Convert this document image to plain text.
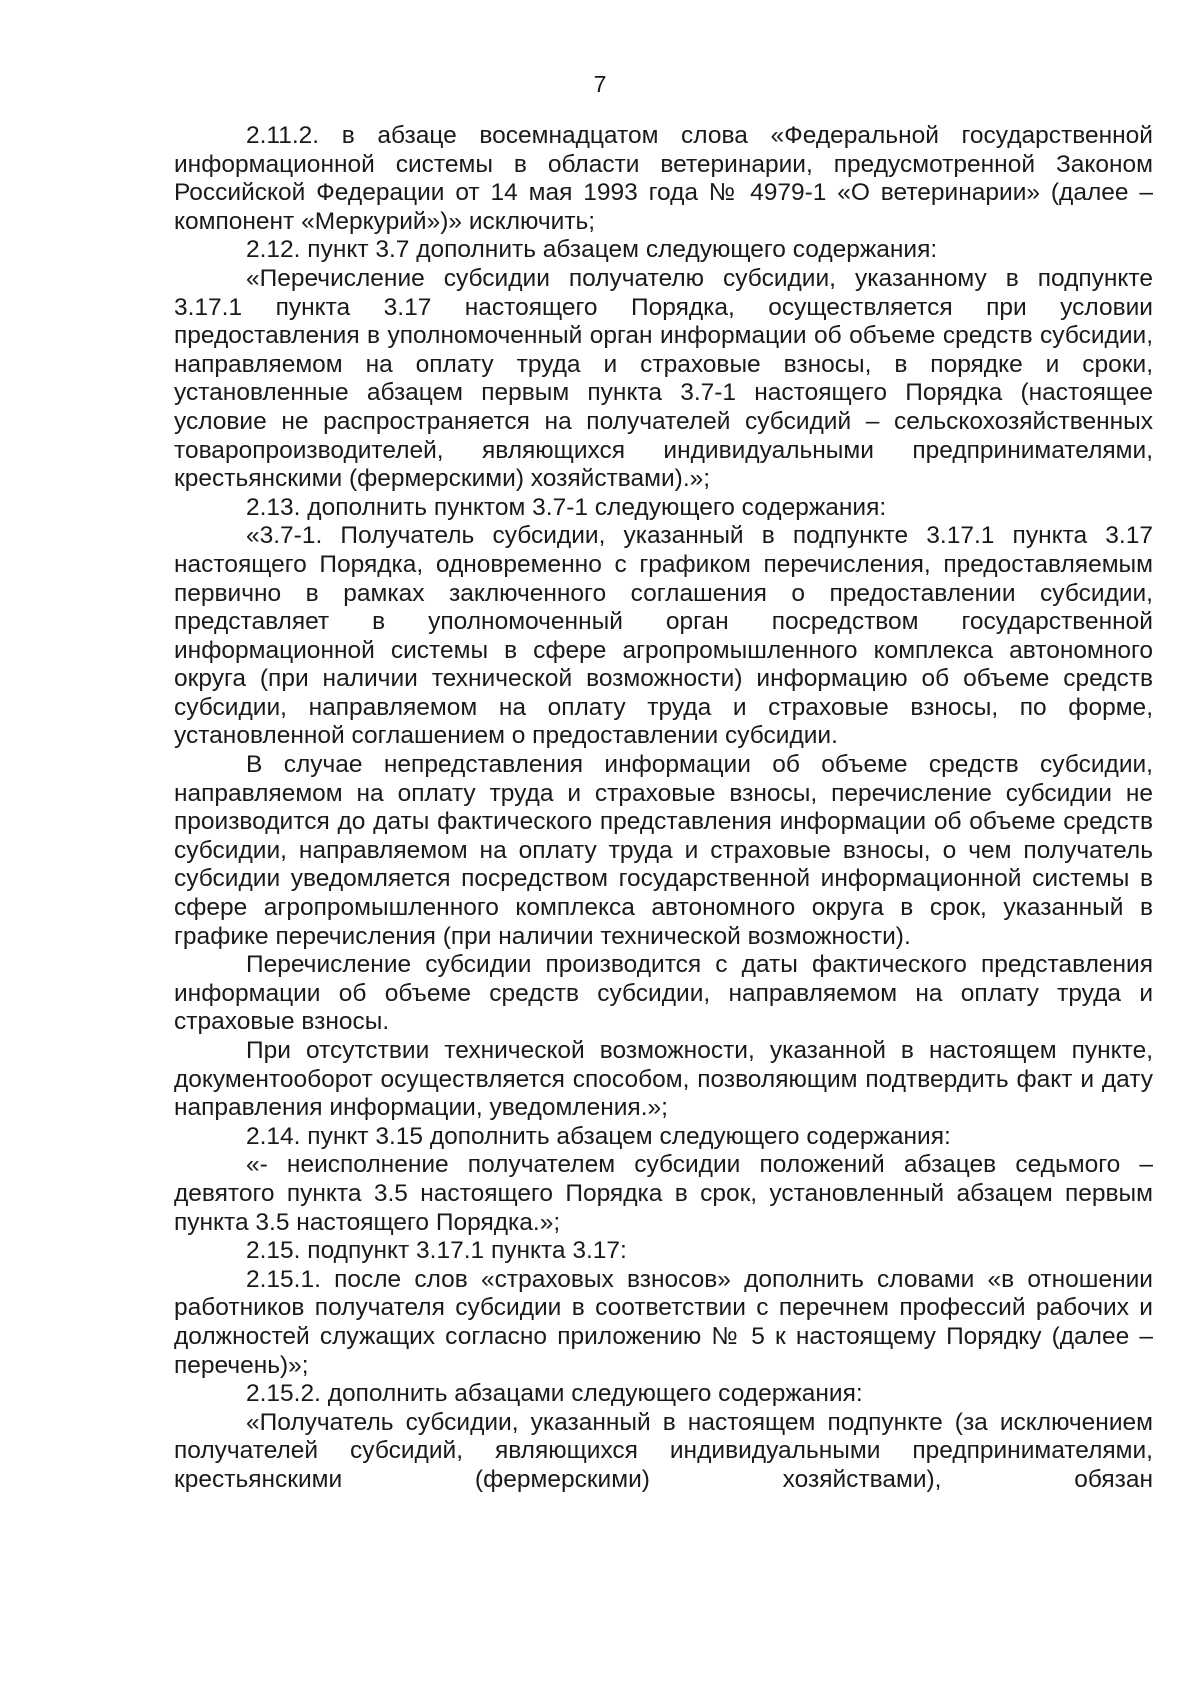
7

2.11.2. в абзаце восемнадцатом слова «Федеральной государственной информационной системы в области ветеринарии, предусмотренной Законом Российской Федерации от 14 мая 1993 года № 4979-1 «О ветеринарии» (далее – компонент «Меркурий»)» исключить;

2.12. пункт 3.7 дополнить абзацем следующего содержания:

«Перечисление субсидии получателю субсидии, указанному в подпункте 3.17.1 пункта 3.17 настоящего Порядка, осуществляется при условии предоставления в уполномоченный орган информации об объеме средств субсидии, направляемом на оплату труда и страховые взносы, в порядке и сроки, установленные абзацем первым пункта 3.7-1 настоящего Порядка (настоящее условие не распространяется на получателей субсидий – сельскохозяйственных товаропроизводителей, являющихся индивидуальными предпринимателями, крестьянскими (фермерскими) хозяйствами).»;

2.13. дополнить пунктом 3.7-1 следующего содержания:

«3.7-1. Получатель субсидии, указанный в подпункте 3.17.1 пункта 3.17 настоящего Порядка, одновременно с графиком перечисления, предоставляемым первично в рамках заключенного соглашения о предоставлении субсидии, представляет в уполномоченный орган посредством государственной информационной системы в сфере агропромышленного комплекса автономного округа (при наличии технической возможности) информацию об объеме средств субсидии, направляемом на оплату труда и страховые взносы, по форме, установленной соглашением о предоставлении субсидии.

В случае непредставления информации об объеме средств субсидии, направляемом на оплату труда и страховые взносы, перечисление субсидии не производится до даты фактического представления информации об объеме средств субсидии, направляемом на оплату труда и страховые взносы, о чем получатель субсидии уведомляется посредством государственной информационной системы в сфере агропромышленного комплекса автономного округа в срок, указанный в графике перечисления (при наличии технической возможности).

Перечисление субсидии производится с даты фактического представления информации об объеме средств субсидии, направляемом на оплату труда и страховые взносы.

При отсутствии технической возможности, указанной в настоящем пункте, документооборот осуществляется способом, позволяющим подтвердить факт и дату направления информации, уведомления.»;

2.14. пункт 3.15 дополнить абзацем следующего содержания:

«- неисполнение получателем субсидии положений абзацев седьмого – девятого пункта 3.5 настоящего Порядка в срок, установленный абзацем первым пункта 3.5 настоящего Порядка.»;

2.15. подпункт 3.17.1 пункта 3.17:

2.15.1. после слов «страховых взносов» дополнить словами «в отношении работников получателя субсидии в соответствии с перечнем профессий рабочих и должностей служащих согласно приложению № 5 к настоящему Порядку (далее – перечень)»;

2.15.2. дополнить абзацами следующего содержания:

«Получатель субсидии, указанный в настоящем подпункте (за исключением получателей субсидий, являющихся индивидуальными предпринимателями, крестьянскими (фермерскими) хозяйствами), обязан
